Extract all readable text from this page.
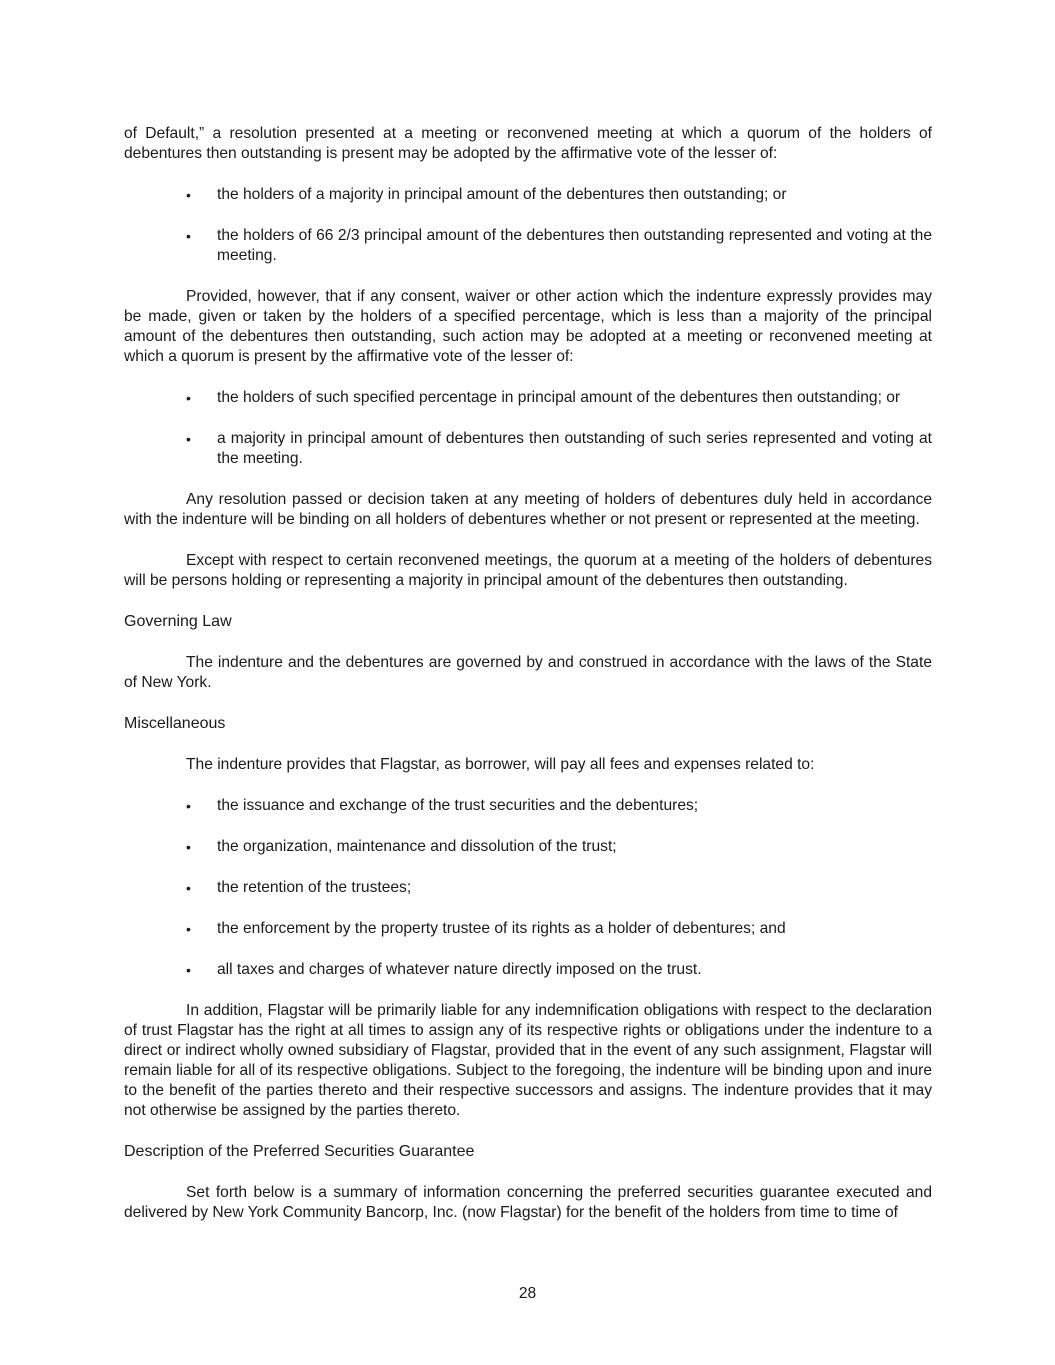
of Default,” a resolution presented at a meeting or reconvened meeting at which a quorum of the holders of debentures then outstanding is present may be adopted by the affirmative vote of the lesser of:

• the holders of a majority in principal amount of the debentures then outstanding; or
• the holders of 66 2/3 principal amount of the debentures then outstanding represented and voting at the meeting.

Provided, however, that if any consent, waiver or other action which the indenture expressly provides may be made, given or taken by the holders of a specified percentage, which is less than a majority of the principal amount of the debentures then outstanding, such action may be adopted at a meeting or reconvened meeting at which a quorum is present by the affirmative vote of the lesser of:

• the holders of such specified percentage in principal amount of the debentures then outstanding; or
• a majority in principal amount of debentures then outstanding of such series represented and voting at the meeting.

Any resolution passed or decision taken at any meeting of holders of debentures duly held in accordance with the indenture will be binding on all holders of debentures whether or not present or represented at the meeting.

Except with respect to certain reconvened meetings, the quorum at a meeting of the holders of debentures will be persons holding or representing a majority in principal amount of the debentures then outstanding.

Governing Law

The indenture and the debentures are governed by and construed in accordance with the laws of the State of New York.

Miscellaneous

The indenture provides that Flagstar, as borrower, will pay all fees and expenses related to:

• the issuance and exchange of the trust securities and the debentures;
• the organization, maintenance and dissolution of the trust;
• the retention of the trustees;
• the enforcement by the property trustee of its rights as a holder of debentures; and
• all taxes and charges of whatever nature directly imposed on the trust.

In addition, Flagstar will be primarily liable for any indemnification obligations with respect to the declaration of trust Flagstar has the right at all times to assign any of its respective rights or obligations under the indenture to a direct or indirect wholly owned subsidiary of Flagstar, provided that in the event of any such assignment, Flagstar will remain liable for all of its respective obligations. Subject to the foregoing, the indenture will be binding upon and inure to the benefit of the parties thereto and their respective successors and assigns. The indenture provides that it may not otherwise be assigned by the parties thereto.

Description of the Preferred Securities Guarantee

Set forth below is a summary of information concerning the preferred securities guarantee executed and delivered by New York Community Bancorp, Inc. (now Flagstar) for the benefit of the holders from time to time of

28
